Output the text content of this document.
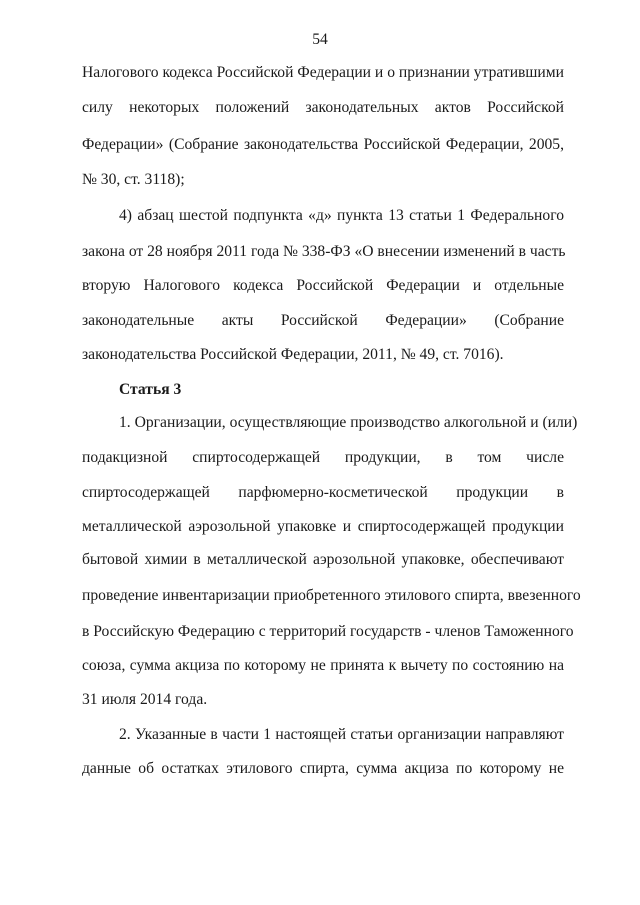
54
Налогового кодекса Российской Федерации и о признании утратившими
силу некоторых положений законодательных актов Российской
Федерации» (Собрание законодательства Российской Федерации, 2005,
№ 30, ст. 3118);
4) абзац шестой подпункта «д» пункта 13 статьи 1 Федерального
закона от 28 ноября 2011 года № 338-ФЗ «О внесении изменений в часть
вторую Налогового кодекса Российской Федерации и отдельные
законодательные акты Российской Федерации» (Собрание
законодательства Российской Федерации, 2011, № 49, ст. 7016).
Статья 3
1. Организации, осуществляющие производство алкогольной и (или)
подакцизной спиртосодержащей продукции, в том числе
спиртосодержащей парфюмерно-косметической продукции в
металлической аэрозольной упаковке и спиртосодержащей продукции
бытовой химии в металлической аэрозольной упаковке, обеспечивают
проведение инвентаризации приобретенного этилового спирта, ввезенного
в Российскую Федерацию с территорий государств - членов Таможенного
союза, сумма акциза по которому не принята к вычету по состоянию на
31 июля 2014 года.
2. Указанные в части 1 настоящей статьи организации направляют
данные об остатках этилового спирта, сумма акциза по которому не
